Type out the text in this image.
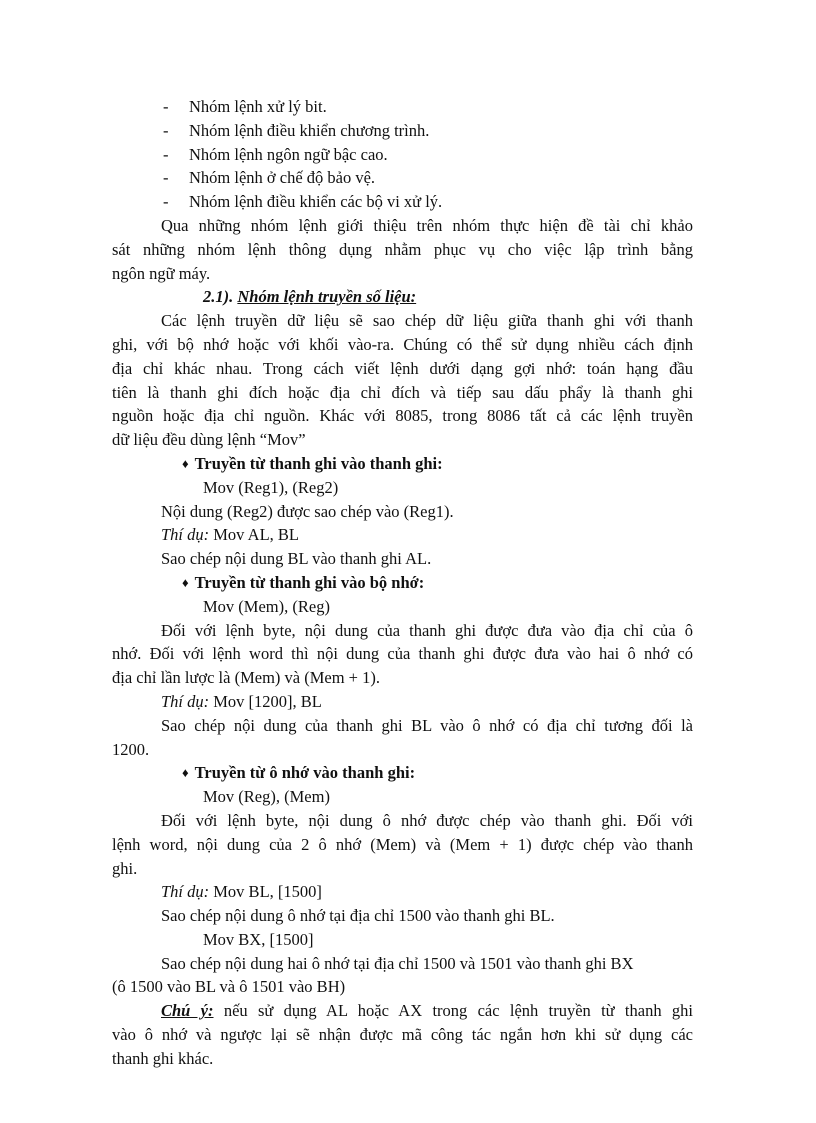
- Nhóm lệnh xử lý bit.
- Nhóm lệnh điều khiển chương trình.
- Nhóm lệnh ngôn ngữ bậc cao.
- Nhóm lệnh ở chế độ bảo vệ.
- Nhóm lệnh điều khiển các bộ vi xử lý.
Qua những nhóm lệnh giới thiệu trên nhóm thực hiện đề tài chỉ khảo
sát những nhóm lệnh thông dụng nhằm phục vụ cho việc lập trình bằng
ngôn ngữ máy.
2.1). Nhóm lệnh truyền số liệu:
Các lệnh truyền dữ liệu sẽ sao chép dữ liệu giữa thanh ghi với thanh
ghi, với bộ nhớ hoặc với khối vào-ra. Chúng có thể sử dụng nhiều cách định
địa chỉ khác nhau. Trong cách viết lệnh dưới dạng gợi nhớ: toán hạng đầu
tiên là thanh ghi đích hoặc địa chỉ đích và tiếp sau dấu phẩy là thanh ghi
nguồn hoặc địa chỉ nguồn. Khác với 8085, trong 8086 tất cả các lệnh truyền
dữ liệu đều dùng lệnh “Mov”
♦ Truyền từ thanh ghi vào thanh ghi:
Mov (Reg1), (Reg2)
Nội dung (Reg2) được sao chép vào (Reg1).
Thí dụ: Mov AL, BL
Sao chép nội dung BL vào thanh ghi AL.
♦ Truyền từ thanh ghi vào bộ nhớ:
Mov (Mem), (Reg)
Đối với lệnh byte, nội dung của thanh ghi được đưa vào địa chỉ của ô
nhớ. Đối với lệnh word thì nội dung của thanh ghi được đưa vào hai ô nhớ có
địa chỉ lần lược là (Mem) và (Mem + 1).
Thí dụ: Mov [1200], BL
Sao chép nội dung của thanh ghi BL vào ô nhớ có địa chỉ tương đối là
1200.
♦ Truyền từ ô nhớ vào thanh ghi:
Mov (Reg), (Mem)
Đối với lệnh byte, nội dung ô nhớ được chép vào thanh ghi. Đối với
lệnh word, nội dung của 2 ô nhớ (Mem) và (Mem + 1) được chép vào thanh
ghi.
Thí dụ: Mov BL, [1500]
Sao chép nội dung ô nhớ tại địa chỉ 1500 vào thanh ghi BL.
Mov BX, [1500]
Sao chép nội dung hai ô nhớ tại địa chỉ 1500 và 1501 vào thanh ghi BX
(ô 1500 vào BL và ô 1501 vào BH)
Chú ý: nếu sử dụng AL hoặc AX trong các lệnh truyền từ thanh ghi
vào ô nhớ và ngược lại sẽ nhận được mã công tác ngắn hơn khi sử dụng các
thanh ghi khác.
